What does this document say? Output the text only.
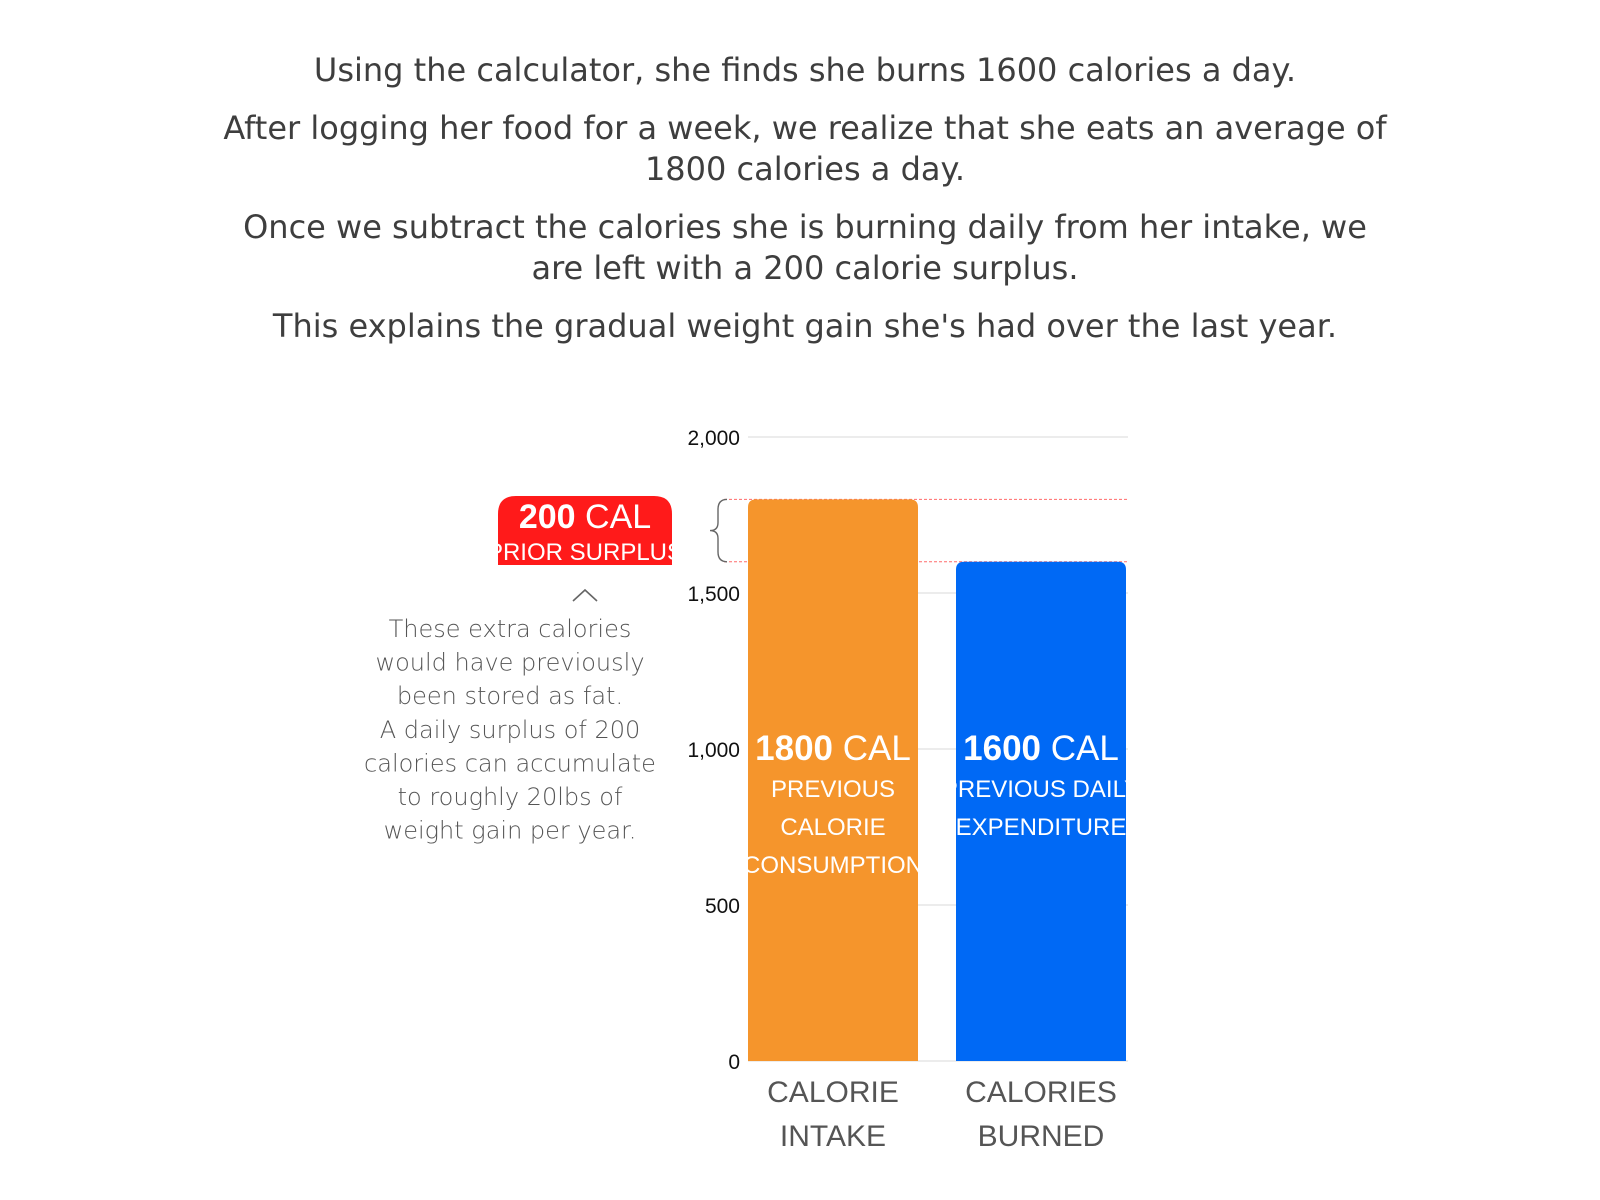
Using the calculator, she finds she burns 1600 calories a day.

After logging her food for a week, we realize that she eats an average of 1800 calories a day.

Once we subtract the calories she is burning daily from her intake, we are left with a 200 calorie surplus.

This explains the gradual weight gain she's had over the last year.

1800 CAL
PREVIOUS
CALORIE
CONSUMPTION
1600 CAL
PREVIOUS DAILY
EXPENDITURE
0
500
1,000
1,500
2,000
CALORIE
INTAKE
CALORIES
BURNED
200 CAL
PRIOR SURPLUS
These extra calories
would have previously
been stored as fat.
A daily surplus of 200
calories can accumulate
to roughly 20lbs of
weight gain per year.
